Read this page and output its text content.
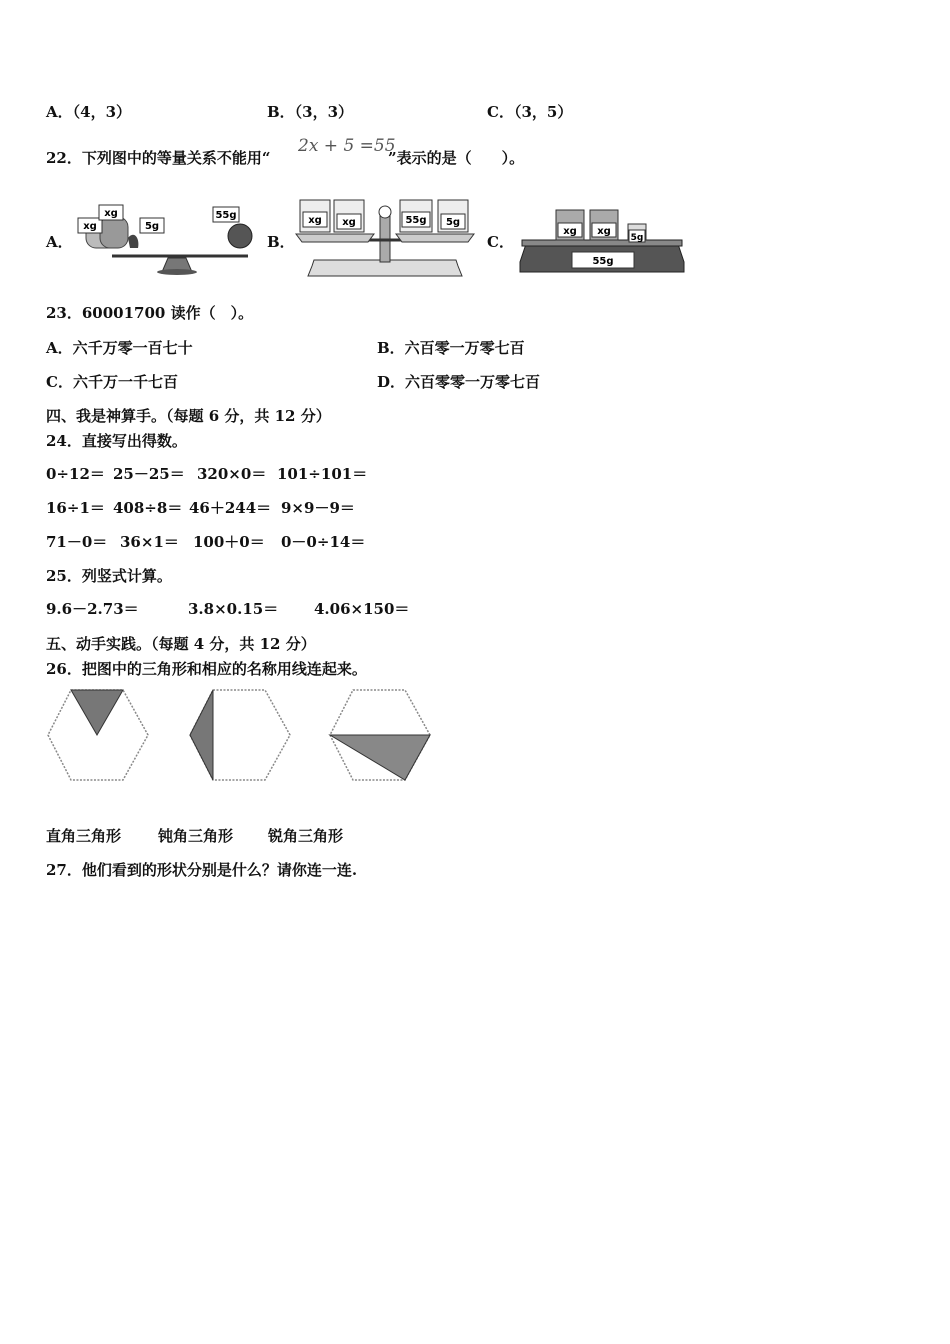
A．（4，3）	B．（3，3）	C．（3，5）
22．下列图中的等量关系不能用“
2x + 5 =55
”表示的是（　　）。
A．	B．	C．
xg
xg
5g
55g	xg xg	55g 5g
55g
xg xg
5g
23．60001700 读作（　）。
A．六千万零一百七十	B．六百零一万零七百
C．六千万一千七百	D．六百零零一万零七百
四、我是神算手。（每题 6 分，共 12 分）
24．直接写出得数。
0÷12＝ 25－25＝ 320×0＝ 101÷101＝
16÷1＝ 408÷8＝ 46＋244＝ 9×9－9＝
71－0＝ 36×1＝ 100＋0＝ 0－0÷14＝
25．列竖式计算。
9.6－2.73＝	3.8×0.15＝ 4.06×150＝
五、动手实践。（每题 4 分，共 12 分）
26．把图中的三角形和相应的名称用线连起来。
直角三角形 钝角三角形 锐角三角形
27．他们看到的形状分别是什么？请你连一连.
